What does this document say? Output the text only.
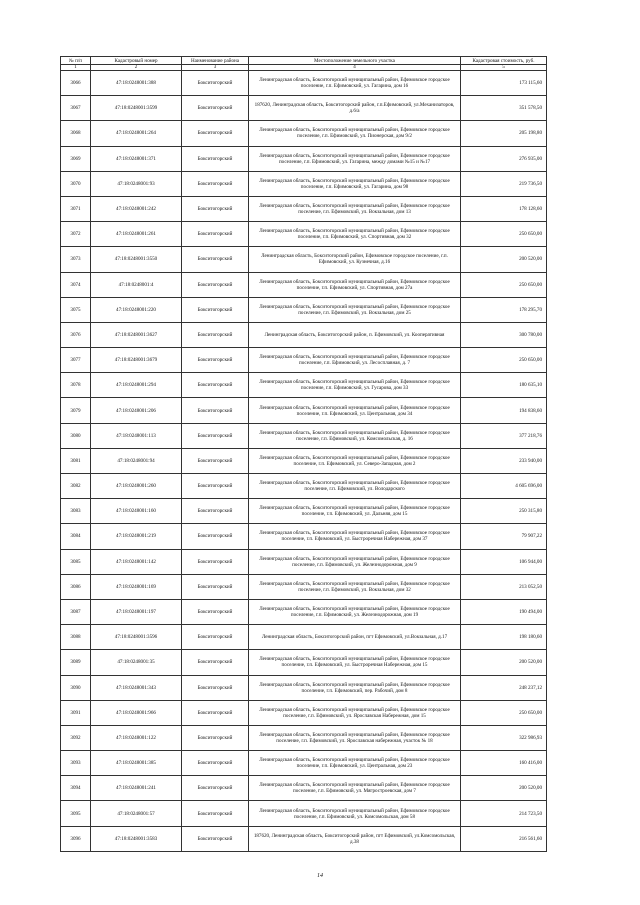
№ п/п	Кадастровый номер	Наименование района	Местоположение земельного участка	Кадастровая стоимость, руб.
1	2	3	4	5
3066	47:18:0248001:388	Бокситогорский	Ленинградская область, Бокситогорский муниципальный район, Ефимовское городское поселение, г.п. Ефимовский, ул. Гагарина, дом 16	173 115,60
3067	47:18:0248001:3599	Бокситогорский	187620, Ленинградская область, Бокситогорский район, г.п.Ефимовский, ул.Механизаторов, д.6/а	351 578,50
3068	47:18:0248001:264	Бокситогорский	Ленинградская область, Бокситогорский муниципальный район, Ефимовское городское поселение, г.п. Ефимовский, ул. Пионерская, дом 9/2	205 198,80
3069	47:18:0248001:371	Бокситогорский	Ленинградская область, Бокситогорский муниципальный район, Ефимовское городское поселение, г.п. Ефимовский, ул. Гагарина, между домами №15 и №17	276 935,00
3070	47:18:0248001:93	Бокситогорский	Ленинградская область, Бокситогорский муниципальный район, Ефимовское городское поселение, г.п. Ефимовский, ул. Гагарина, дом 98	219 736,50
3071	47:18:0248001:242	Бокситогорский	Ленинградская область, Бокситогорский муниципальный район, Ефимовское городское поселение, г.п. Ефимовский, ул. Вокзальная, дом 13	178 128,60
3072	47:18:0248001:261	Бокситогорский	Ленинградская область, Бокситогорский муниципальный район, Ефимовское городское поселение, г.п. Ефимовский, ул. Спортивная, дом 32	250 650,00
3073	47:18:0248001:3550	Бокситогорский	Ленинградская область, Бокситогорский район, Ефимовское городское поселение, г.п. Ефимовский, ул. Кузнечная, д.16	200 520,00
3074	47:18:0248001:4	Бокситогорский	Ленинградская область, Бокситогорский муниципальный район, Ефимовское городское поселение, г.п. Ефимовский, ул. Спортивная, дом 27а	250 650,00
3075	47:18:0248001:220	Бокситогорский	Ленинградская область, Бокситогорский муниципальный район, Ефимовское городское поселение, г.п. Ефимовский, ул. Вокзальная, дом 25	178 295,70
3076	47:18:0248001:3627	Бокситогорский	Ленинградская область, Бокситогорский район, п. Ефимовский, ул. Кооперативная	300 780,00
3077	47:18:0248001:3679	Бокситогорский	Ленинградская область, Бокситогорский муниципальный район, Ефимовское городское поселение, г.п. Ефимовский, ул. Лесосплавная, д. 7	250 650,00
3078	47:18:0248001:294	Бокситогорский	Ленинградская область, Бокситогорский муниципальный район, Ефимовское городское поселение, г.п. Ефимовский, ул. Гусарова, дом 33	180 635,10
3079	47:18:0248001:206	Бокситогорский	Ленинградская область, Бокситогорский муниципальный район, Ефимовское городское поселение, г.п. Ефимовский, ул. Центральная, дом 34	194 838,60
3080	47:18:0248001:113	Бокситогорский	Ленинградская область, Бокситогорский муниципальный район, Ефимовское городское поселение, г.п. Ефимовский, ул. Комсомольская, д. 16	377 218,76
3081	47:18:0248001:94	Бокситогорский	Ленинградская область, Бокситогорский муниципальный район, Ефимовское городское поселение, г.п. Ефимовский, ул. Северо-Западная, дом 2	233 940,00
3082	47:18:0248001:260	Бокситогорский	Ленинградская область, Бокситогорский муниципальный район, Ефимовское городское поселение, г.п. Ефимовский, ул. Володарского	4 605 696,00
3083	47:18:0248001:160	Бокситогорский	Ленинградская область, Бокситогорский муниципальный район, Ефимовское городское поселение, г.п. Ефимовский, ул. Дальняя, дом 15	250 315,80
3084	47:18:0248001:219	Бокситогорский	Ленинградская область, Бокситогорский муниципальный район, Ефимовское городское поселение, г.п. Ефимовский, ул. Быстроречная Набережная, дом 37	79 907,22
3085	47:18:0248001:142	Бокситогорский	Ленинградская область, Бокситогорский муниципальный район, Ефимовское городское поселение, г.п. Ефимовский, ул. Железнодорожная, дом 9	106 944,00
3086	47:18:0248001:169	Бокситогорский	Ленинградская область, Бокситогорский муниципальный район, Ефимовское городское поселение, г.п. Ефимовский, ул. Вокзальная, дом 32	213 052,50
3087	47:18:0248001:197	Бокситогорский	Ленинградская область, Бокситогорский муниципальный район, Ефимовское городское поселение, г.п. Ефимовский, ул. Железнодорожная, дом 19	190 494,00
3088	47:18:0248001:3596	Бокситогорский	Ленинградская область, Бокситогорский район, пгт Ефимовский, ул.Вокзальная, д.17	198 180,60
3089	47:18:0248001:35	Бокситогорский	Ленинградская область, Бокситогорский муниципальный район, Ефимовское городское поселение, г.п. Ефимовский, ул. Быстроречная Набережная, дом 15	200 520,00
3090	47:18:0248001:343	Бокситогорский	Ленинградская область, Бокситогорский муниципальный район, Ефимовское городское поселение, г.п. Ефимовский, пер. Рабочий, дом 8	248 237,12
3091	47:18:0248001:966	Бокситогорский	Ленинградская область, Бокситогорский муниципальный район, Ефимовское городское поселение, г.п. Ефимовский, ул. Ярославская Набережная, дом 15	250 650,00
3092	47:18:0248001:122	Бокситогорский	Ленинградская область, Бокситогорский муниципальный район, Ефимовское городское поселение, г.п. Ефимовский, ул. Ярославская набережная, участок № 18	322 986,93
3093	47:18:0248001:385	Бокситогорский	Ленинградская область, Бокситогорский муниципальный район, Ефимовское городское поселение, г.п. Ефимовский, ул. Центральная, дом 23	160 416,00
3094	47:18:0248001:241	Бокситогорский	Ленинградская область, Бокситогорский муниципальный район, Ефимовское городское поселение, г.п. Ефимовский, ул. Мягростроевская, дом 7	200 520,00
3095	47:18:0248001:57	Бокситогорский	Ленинградская область, Бокситогорский муниципальный район, Ефимовское городское поселение, г.п. Ефимовский, ул. Комсомольская, дом 58	214 723,50
3096	47:18:0248001:3583	Бокситогорский	187620, Ленинградская область, Бокситогорский район, пгт Ефимовский, ул.Комсомольская, д.38	216 561,60
14
